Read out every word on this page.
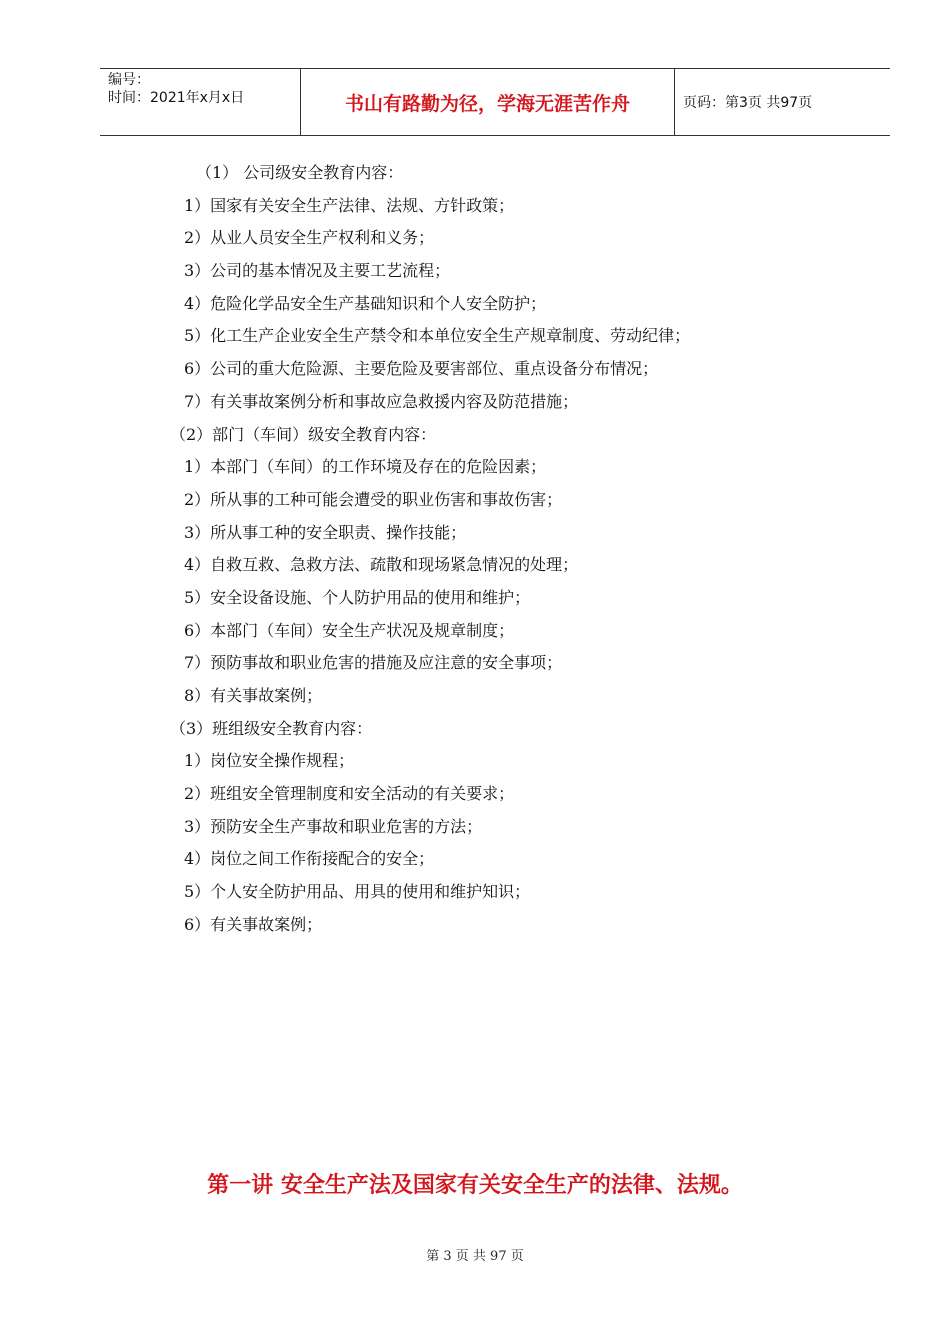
编号：
时间：2021年x月x日	书山有路勤为径，学海无涯苦作舟	页码：第3页 共97页
（1） 公司级安全教育内容：
1）国家有关安全生产法律、法规、方针政策；
2）从业人员安全生产权利和义务；
3）公司的基本情况及主要工艺流程；
4）危险化学品安全生产基础知识和个人安全防护；
5）化工生产企业安全生产禁令和本单位安全生产规章制度、劳动纪律；
6）公司的重大危险源、主要危险及要害部位、重点设备分布情况；
7）有关事故案例分析和事故应急救援内容及防范措施；
（2）部门（车间）级安全教育内容：
1）本部门（车间）的工作环境及存在的危险因素；
2）所从事的工种可能会遭受的职业伤害和事故伤害；
3）所从事工种的安全职责、操作技能；
4）自救互救、急救方法、疏散和现场紧急情况的处理；
5）安全设备设施、个人防护用品的使用和维护；
6）本部门（车间）安全生产状况及规章制度；
7）预防事故和职业危害的措施及应注意的安全事项；
8）有关事故案例；
（3）班组级安全教育内容：
1）岗位安全操作规程；
2）班组安全管理制度和安全活动的有关要求；
3）预防安全生产事故和职业危害的方法；
4）岗位之间工作衔接配合的安全；
5）个人安全防护用品、用具的使用和维护知识；
6）有关事故案例；
第一讲 安全生产法及国家有关安全生产的法律、法规。
第 3 页 共 97 页
